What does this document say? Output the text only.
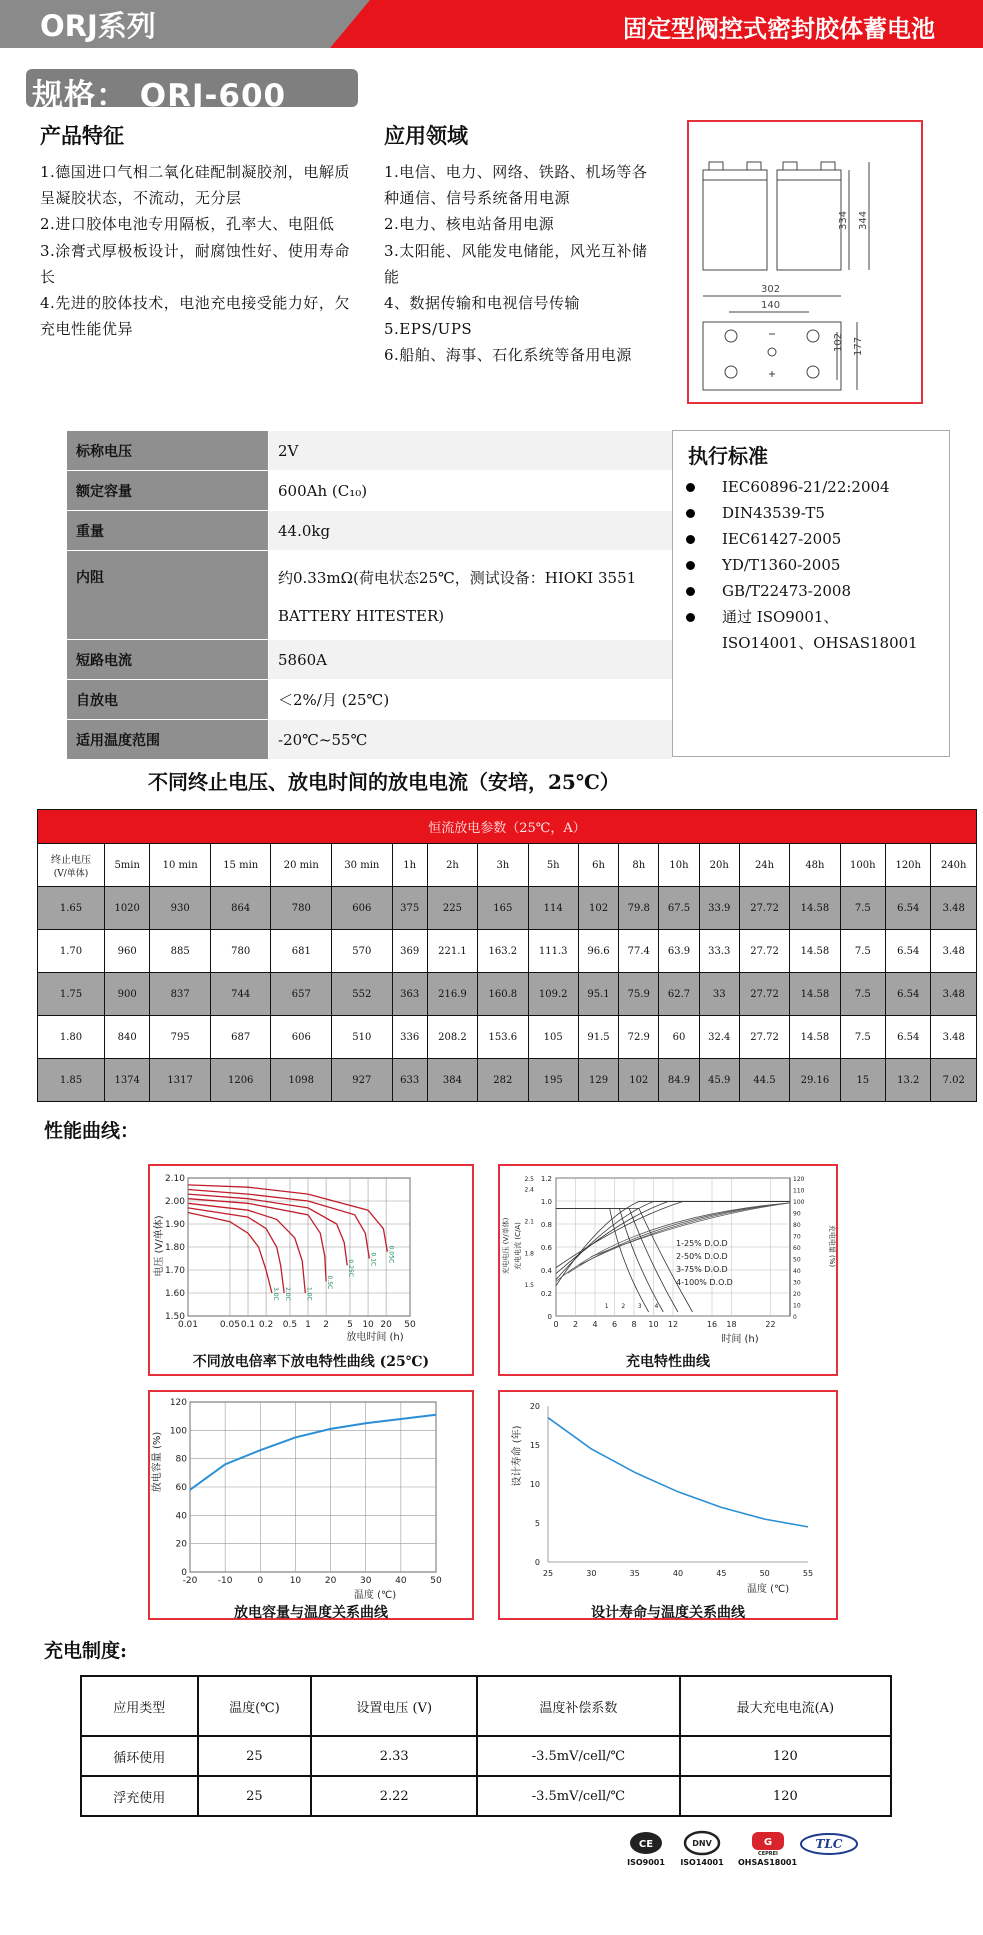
ORJ系列	固定型阀控式密封胶体蓄电池
规格： ORJ-600
产品特征
1.德国进口气相二氧化硅配制凝胶剂，电解质呈凝胶状态，不流动，无分层
2.进口胶体电池专用隔板，孔率大、电阻低
3.涂膏式厚极板设计，耐腐蚀性好、使用寿命长
4.先进的胶体技术，电池充电接受能力好，欠充电性能优异
应用领域
1.电信、电力、网络、铁路、机场等各种通信、信号系统备用电源
2.电力、核电站备用电源
3.太阳能、风能发电储能，风光互补储能
4、数据传输和电视信号传输
5.EPS/UPS
6.船舶、海事、石化系统等备用电源
334 344
302
140
102 177
标称电压	2V
额定容量	600Ah (C₁₀)
重量	44.0kg
内阻	约0.33mΩ(荷电状态25℃，测试设备：HIOKI 3551 BATTERY HITESTER)
短路电流	5860A
自放电	＜2%/月 (25℃)
适用温度范围	-20℃~55℃
执行标准
IEC60896-21/22:2004
DIN43539-T5
IEC61427-2005
YD/T1360-2005
GB/T22473-2008
通过 ISO9001、ISO14001、OHSAS18001
不同终止电压、放电时间的放电电流（安培，25℃）
恒流放电参数（25℃，A）																		

终止电压
(V/单体)	5min	10 min	15 min	20 min	30 min	1h	2h	3h	5h	6h	8h	10h	20h	24h	48h	100h	120h	240h
1.65	1020	930	864	780	606	375	225	165	114	102	79.8	67.5	33.9	27.72	14.58	7.5	6.54	3.48
1.70	960	885	780	681	570	369	221.1	163.2	111.3	96.6	77.4	63.9	33.3	27.72	14.58	7.5	6.54	3.48
1.75	900	837	744	657	552	363	216.9	160.8	109.2	95.1	75.9	62.7	33	27.72	14.58	7.5	6.54	3.48
1.80	840	795	687	606	510	336	208.2	153.6	105	91.5	72.9	60	32.4	27.72	14.58	7.5	6.54	3.48
1.85	1374	1317	1206	1098	927	633	384	282	195	129	102	84.9	45.9	44.5	29.16	15	13.2	7.02
性能曲线：
1.50
1.60
1.70
1.80
1.90
2.00
2.10
0.01 0.05 0.1 0.2 0.5 1 2 5 10 20 50
3.0C 2.0C 1.0C
0.5C
0.25C
0.1C 0.05C
电压 (V/单体)
放电时间 (h)
不同放电倍率下放电特性曲线 (25℃)
0 2 4 6 8 10 12	16 18	22
0
0.2
0.4
0.6
0.8
1.0
1.2
1.5
1.8
2.1
2.4
2.5
0
10
20
30
40
50
60
70
80
90
100
110
120
1
1-25% D.O.D
2
2-50% D.O.D
3
3-75% D.O.D
4
4-100% D.O.D
充电电压 (V/单体) 充电电流 (C/A)	充电电量 (%)
时间 (h)
充电特性曲线
0
20
40
60
80
100
120
-20 -10	0	10	20	30	40	50
放电容量 (%)
温度 (℃)
放电容量与温度关系曲线
0
5
10
15
20
25	30	35	40	45	50	55
设计寿命 (年)
温度 (℃)
设计寿命与温度关系曲线
充电制度:
应用类型	温度(℃)	设置电压 (V)	温度补偿系数	最大充电电流(A)
循环使用	25	2.33	-3.5mV/cell/℃	120
浮充使用	25	2.22	-3.5mV/cell/℃	120
CE
ISO9001
DNV
ISO14001
G
CEPREI
OHSAS18001
TLC
